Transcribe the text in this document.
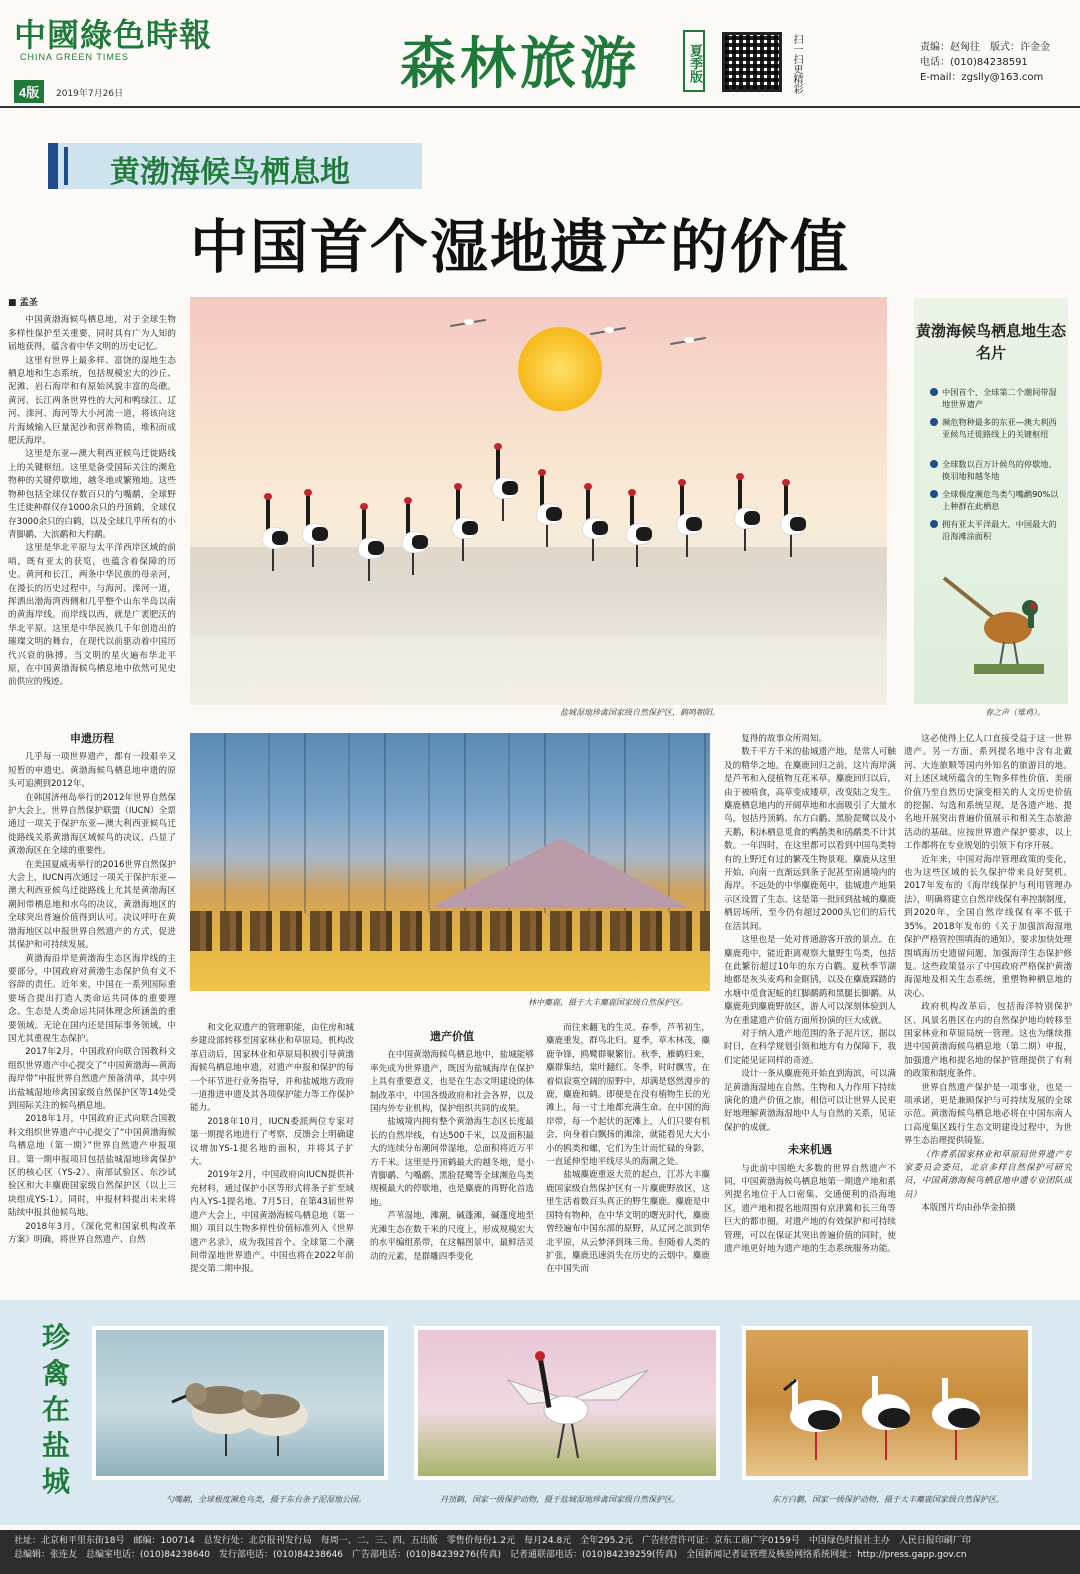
中國綠色時報
CHINA GREEN TIMES
4版	2019年7月26日	森林旅游	夏季版	扫一扫更精彩	责编：赵匈往　版式：许金金
电话：(010)84238591
E-mail：zgslly@163.com
黄渤海候鸟栖息地
中国首个湿地遗产的价值

■ 孟圣

中国黄渤海候鸟栖息地，对于全球生物多样性保护至关重要，同时具有广为人知的届地获得，蕴含着中华文明的历史记忆。

这里有世界上最多样、富饶的湿地生态栖息地和生态系统，包括规模宏大的沙丘、泥滩、岩石海岸和有原始风貌丰富的岛礁。黄河、长江两条世界性的大河和鸭绿江、辽河、滦河、海河等大小河流一道，将该向这片海域输入巨量泥沙和营养物质，堆积而成肥沃海岸。

这里是东亚—澳大利西亚候鸟迁徙路线上的关键枢纽。这里是备受国际关注的濒危物种的关键停歇地，越冬地或繁殖地。这些物种包括全球仅存数百只的勺嘴鹬，全球野生迁徙种群仅存1000余只的丹顶鹤，全球仅存3000余只的白鹤，以及全球几乎所有的小青脚鹬、大滨鹬和大杓鹬。

这里是华北平原与太平洋西岸区域的前哨，既有亚太的获览，也蕴含着保障的历史。黄河和长江，两条中华民族的母亲河，在漫长的历史过程中，与海河、滦河一道，挥洒出渤海湾西侧和几乎整个山东半岛以南的黄海岸线。而岸线以西，就是广袤肥沃的华北平原。这里是中华民族几千年创造出的璀璨文明的舞台，在现代以前驱动着中国历代兴衰的脉搏。当文明的星火遍布华北平原，在中国黄渤海候鸟栖息地中依然可见史前供应的残迹。

申遗历程

几乎每一项世界遗产，都有一段艰辛又短暂的申遗史。黄渤海候鸟栖息地申遗的原头可追溯到2012年。

在韩国济州岛举行的2012年世界自然保护大会上，世界自然保护联盟（IUCN）全票通过一项关于保护东亚—澳大利西亚候鸟迁徙路线关系黄渤海区域候鸟的决议，凸显了黄渤海区在全球的重要性。

在美国夏威夷举行的2016世界自然保护大会上，IUCN再次通过一项关于保护东亚—澳大利西亚候鸟迁徙路线上尤其是黄渤海区潮间带栖息地和水鸟的决议，黄渤海地区的全球突出普遍价值得到认可。决议呼吁在黄渤海地区以申报世界自然遗产的方式，促进其保护和可持续发展。

黄渤海沿岸是黄渤海生态区海岸线的主要部分，中国政府对黄渤生态保护负有义不容辞的责任。近年来，中国在一系列国际重要场合提出打造人类命运共同体的重要理念。生态是人类命运共同体理念所涵盖的重要领域。无论在国内还是国际事务领域，中国尤其重视生态保护。

2017年2月，中国政府向联合国教科文组织世界遗产中心提交了“中国黄渤海—黄海海岸带”申报世界自然遗产预备清单，其中列出盐城湿地珍禽国家级自然保护区等14处受到国际关注的候鸟栖息地。

2018年1月，中国政府正式向联合国教科文组织世界遗产中心提交了“中国黄渤海候鸟栖息地（第一期）”世界自然遗产申报项目。第一期申报项目包括盐城湿地珍禽保护区的核心区（YS-2）、南部试验区、东沙试验区和大丰麋鹿国家级自然保护区（以上三块组成YS-1）。同时，申报材料提出未来将陆续申报其他候鸟地。

2018年3月，《深化党和国家机构改革方案》明确，将世界自然遗产、自然

盐城湿地珍禽国家级自然保护区，鹤鸣朝阳。
黄渤海候鸟栖息地生态名片
中国首个、全球第二个潮间带湿地世界遗产
濒危物种最多的东亚—澳大利西亚候鸟迁徙路线上的关键枢纽
全球数以百万计候鸟的停歇地、换羽地和越冬地
全球极度濒危鸟类勺嘴鹬90%以上种群在此栖息
拥有亚太平洋最大、中国最大的沿海滩涂面积
春之声（雉鸡）。
林中麋鹿，摄于大丰麋鹿国家级自然保护区。

和文化双遗产的管理职能，由住房和城乡建设部转移至国家林业和草原局。机构改革启动后，国家林业和草原局积极引导黄渤海候鸟栖息地申遗，对遗产申报和保护的每一个环节进行业务指导，并和盐城地方政府一道推进申遗及其各项保护能力等工作保护能力。

2018年10月，IUCN委派两位专家对第一期提名地进行了考察，反馈会上明确建议增加YS-1提名地的面积，并将其子扩大。

2019年2月，中国政府向IUCN提供补充材料，通过保护小区等形式将条子扩至域内入YS-1提名地。7月5日，在第43届世界遗产大会上，中国黄渤海候鸟栖息地（第一期）项目以生物多样性价值标准列入《世界遗产名录》，成为我国首个、全球第二个潮间带湿地世界遗产。中国也将在2022年前提交第二期申报。

遗产价值

在中国黄渤海候鸟栖息地中，盐城能够率先成为世界遗产，既因为盐城海岸在保护上具有重要意义，也是在生态文明建设的体制改革中，中国各级政府和社会各界，以及国内外专业机构，保护组织共同的成果。

盐城境内拥有整个黄渤海生态区长度最长的自然岸线，有达500千米，以及面积最大的连续分布潮间带湿地，总面积将近万平方千米。这里是丹顶鹤最大的越冬地，是小青脚鹬、勺嘴鹬、黑脸琵鹭等全球濒危鸟类规模最大的停歇地，也是麋鹿的再野化首选地。

芦苇湿地，滩潮，碱蓬滩，碱蓬度地至光滩生态在数千米的尺度上，形成规模宏大的水平编组系带，在这幅图景中，最鲜活灵动的元素，是群雕四季变化

而往来翻飞的生灵。春季，芦苇初生，麋鹿重发，群鸟北归。夏季，草木林茂，麋鹿争锋，鸥鹭群聚繁衍。秋季，雁鹤归来，麋群集结，棠叶翻红。冬季，时时飘雪，在着似寂寞空阔的原野中，却满是悠然漫步的鹿，麋鹿和鹤。即便是在没有植物生长的光滩上，每一寸土地都充满生命。在中国的海岸带，每一个起伏的泥滩上，人们只要有机会，向身着白飘扬的滩涂，就能看见大大小小的鸥类和螺，它们为生计而忙碌的身影，一直延伸至地平线尽头的海潮之处。

盐城麋鹿重返大荒的起点，江苏大丰麋鹿国家级自然保护区有一片麋鹿野放区，这里生活着数百头真正的野生麋鹿。麋鹿是中国特有物种，在中华文明的曙光时代，麋鹿曾经遍布中国东部的原野，从辽河之滨到华北平原，从云梦泽到珠三角。但随着人类的扩张，麋鹿迅速消失在历史的云烟中。麋鹿在中国失而

复得的故事众所周知。

数千平方千米的盐城遗产地，是常人可触及的精华之地。在麋鹿回归之前，这片海岸满是芦苇和入侵植物互花米草。麋鹿回归以后，由于被啃食，高草变成矮草，改变陆之发生。麋鹿栖息地内的开阔草地和水面吸引了大量水鸟，包括丹顶鹤、东方白鹳、黑脸琵鹭以及小天鹅，积沐栖息觅食的鸭鹊类和鸻鹬类不计其数。一年四时，在这里都可以看到中国鸟类特有的上野迁有过的繁茂生物景观。麋鹿从这里开始，向南一直渐远到条子泥甚至南通境内的海岸。不远处的中华麋鹿苑中，盐城遗产地果示区设置了生态。这是第一批回到盐城的麋鹿栖居场所，至今仍有超过2000头它们的后代在活其间。

这里也是一处对普通游客开放的景点。在麋鹿苑中，能近距离观察大量野生鸟类，包括在此繁衍超过10年的东方白鹳。夏秋季节湖地都是灰头麦鸡和金眶鸻，以及在麋鹿踩踏的水塘中觅食泥蚯的红脚鹬鹞和黑腿长脚鹬。从麋鹿苑到麋鹿野放区，游人可以深刻体验到人为在重建遗产价值方面所扮演的巨大成就。

对于纳入遗产地范围的条子泥片区，据以时日，在科学规划引领和地方有力保障下，我们定能见证同样的奇迹。

设计一条从麋鹿苑开始直到海滨，可以满足黄渤海湿地在自然、生物和人力作用下持续演化的遗产价值之旅，相信可以让世界人民更好地理解黄渤海湿地中人与自然的关系，见证保护的成就。

未来机遇

与此前中国绝大多数的世界自然遗产不同，中国黄渤海候鸟栖息地第一期遗产地和系列提名地位于人口密集、交通便利的沿海地区，遗产地和提名地周围有京津冀和长三角等巨大的都市圈。对遗产地的有效保护和可持续管理，可以在保证其突出普遍价值的同时，使遗产地更好地为遗产地的生态系统服务功能。

这必使得上亿人口直接受益于这一世界遗产。另一方面，系列提名地中含有北戴河、大连旅顺等国内外知名的旅游目的地。对上述区域所蕴含的生物多样性价值、美丽价值乃至自然历史演变相关的人文历史价值的挖掘、勾选和系统呈现，是各遗产地、提名地开展突出普遍价值展示和相关生态旅游活动的基础。应按世界遗产保护要求，以上工作都将在专业规划的引领下有序开展。

近年来，中国对海岸管理政策的变化，也为这些区域的长久保护带来良好契机。2017年发布的《海岸线保护与利用管理办法》，明确将建立自然岸线保有率控制制度，到2020年，全国自然岸线保有率不低于35%。2018年发布的《关于加强滨海湿地保护严格管控围填海的通知》，要求加快处理围填海历史遗留问题，加强海洋生态保护修复。这些政策显示了中国政府严格保护黄渤海湿地及相关生态系统，重塑物种栖息地的决心。

政府机构改革后，包括海洋特别保护区、风景名胜区在内的自然保护地均转移至国家林业和草原局统一管理。这也为继续推进中国黄渤海候鸟栖息地（第二期）申报，加强遗产地和提名地的保护管理提供了有利的政策和制度条件。

世界自然遗产保护是一项事业，也是一项承诺，更是兼顾保护与可持续发展的全球示范。黄渤海候鸟栖息地必将在中国东南人口高度集区践行生态文明建设过程中，为世界生态治理提供镜鉴。

（作者系国家林业和草原局世界遗产专家委员会委员，北京多样自然保护可研究员，中国黄渤海候鸟栖息地申遗专业团队成员）

本版图片均由孙华金拍摄

珍禽在盐城
勺嘴鹬，全球极度濒危鸟类，摄于东台条子泥湿地公园。	丹顶鹤，国家一级保护动物，摄于盐城湿地珍禽国家级自然保护区。	东方白鹳，国家一级保护动物，摄于大丰麋鹿国家级自然保护区。
社址：北京和平里东街18号　邮编：100714　总发行处：北京报刊发行局　每周一、二、三、四、五出版　零售价每份1.2元　每月24.8元　全年295.2元　广告经营许可证：京东工商广字0159号　中国绿色时报社主办　人民日报印刷厂印
总编辑：张连友　总编室电话：(010)84238640　发行部电话：(010)84238646　广告部电话：(010)84239276(传真)　记者通联部电话：(010)84239259(传真)　全国新闻记者证管理及核验网络系统网址：http://press.gapp.gov.cn
